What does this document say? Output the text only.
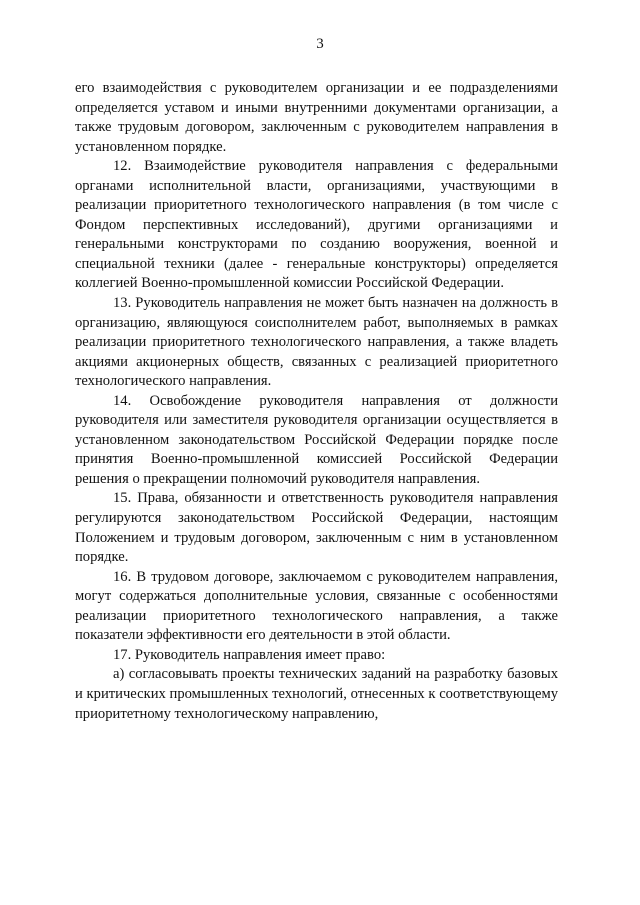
3

его взаимодействия с руководителем организации и ее подразделениями определяется уставом и иными внутренними документами организации, а также трудовым договором, заключенным с руководителем направления в установленном порядке.

12. Взаимодействие руководителя направления с федеральными органами исполнительной власти, организациями, участвующими в реализации приоритетного технологического направления (в том числе с Фондом перспективных исследований), другими организациями и генеральными конструкторами по созданию вооружения, военной и специальной техники (далее - генеральные конструкторы) определяется коллегией Военно-промышленной комиссии Российской Федерации.

13. Руководитель направления не может быть назначен на должность в организацию, являющуюся соисполнителем работ, выполняемых в рамках реализации приоритетного технологического направления, а также владеть акциями акционерных обществ, связанных с реализацией приоритетного технологического направления.

14. Освобождение руководителя направления от должности руководителя или заместителя руководителя организации осуществляется в установленном законодательством Российской Федерации порядке после принятия Военно-промышленной комиссией Российской Федерации решения о прекращении полномочий руководителя направления.

15. Права, обязанности и ответственность руководителя направления регулируются законодательством Российской Федерации, настоящим Положением и трудовым договором, заключенным с ним в установленном порядке.

16. В трудовом договоре, заключаемом с руководителем направления, могут содержаться дополнительные условия, связанные с особенностями реализации приоритетного технологического направления, а также показатели эффективности его деятельности в этой области.

17. Руководитель направления имеет право:

а) согласовывать проекты технических заданий на разработку базовых и критических промышленных технологий, отнесенных к соответствующему приоритетному технологическому направлению,
